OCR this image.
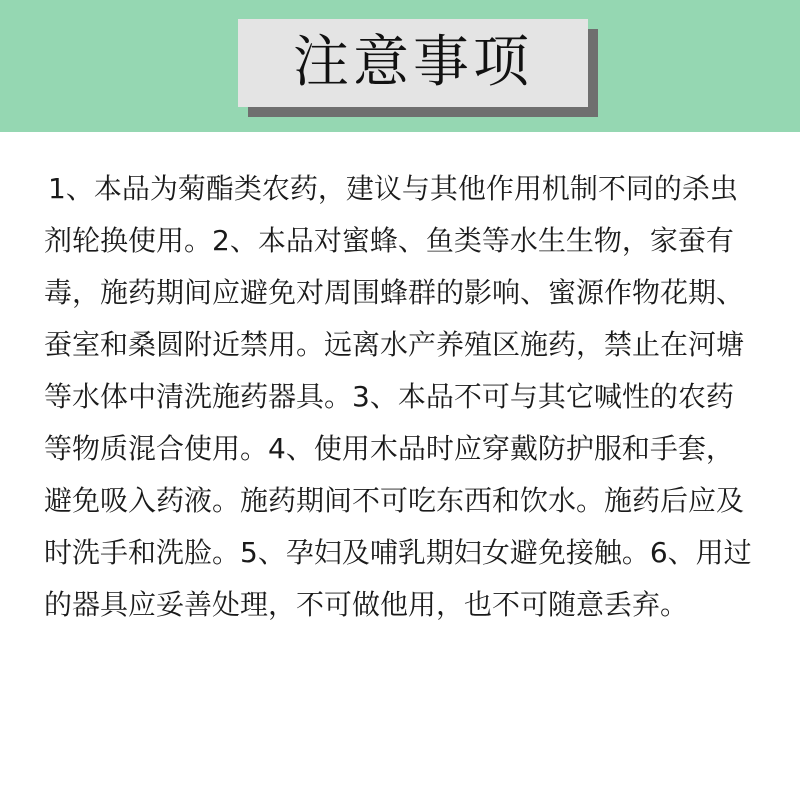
注意事项
1、本品为菊酯类农药，建议与其他作用机制不同的杀虫
剂轮换使用。2、本品对蜜蜂、鱼类等水生生物，家蚕有
毒，施药期间应避免对周围蜂群的影响、蜜源作物花期、
蚕室和桑圆附近禁用。远离水产养殖区施药，禁止在河塘
等水体中清洗施药器具。3、本品不可与其它喊性的农药
等物质混合使用。4、使用木品时应穿戴防护服和手套，
避免吸入药液。施药期间不可吃东西和饮水。施药后应及
时洗手和洗脸。5、孕妇及哺乳期妇女避免接触。6、用过
的器具应妥善处理，不可做他用，也不可随意丢弃。
